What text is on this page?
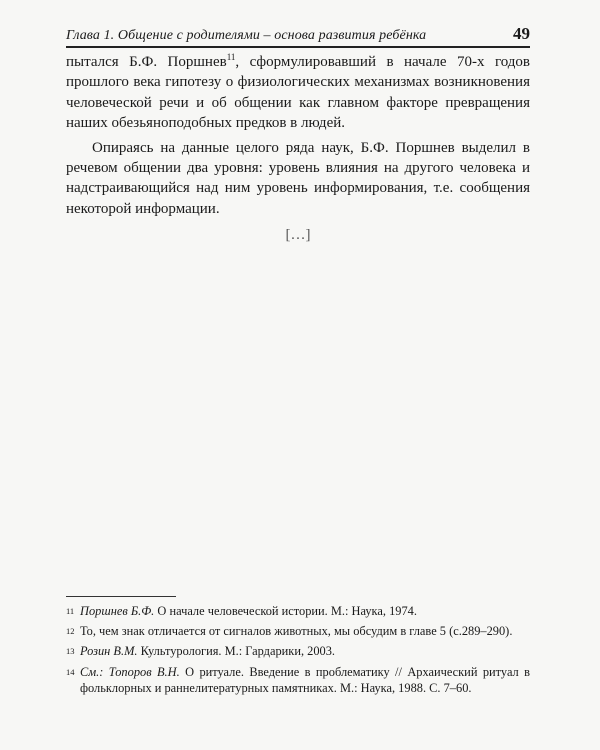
Глава 1. Общение с родителями – основа развития ребёнка	49

пытался Б.Ф. Поршнев$^{11}$, сформулировавший в начале 70-х годов прошлого века гипотезу о физиологических механизмах возникновения человеческой речи и об общении как главном факторе превращения наших обезьяноподобных предков в людей.

Опираясь на данные целого ряда наук, Б.Ф. Поршнев выделил в речевом общении два уровня: уровень влияния на другого человека и надстраивающийся над ним уровень информирования, т.е. сообщения некоторой информации.

[…]

11 Поршнев Б.Ф. О начале человеческой истории. М.: Наука, 1974.

12 То, чем знак отличается от сигналов животных, мы обсудим в главе 5 (с.289–290).

13 Розин В.М. Культурология. М.: Гардарики, 2003.

14 См.: Топоров В.Н. О ритуале. Введение в проблематику // Архаический ритуал в фольклорных и раннелитературных памятниках. М.: Наука, 1988. С. 7–60.
